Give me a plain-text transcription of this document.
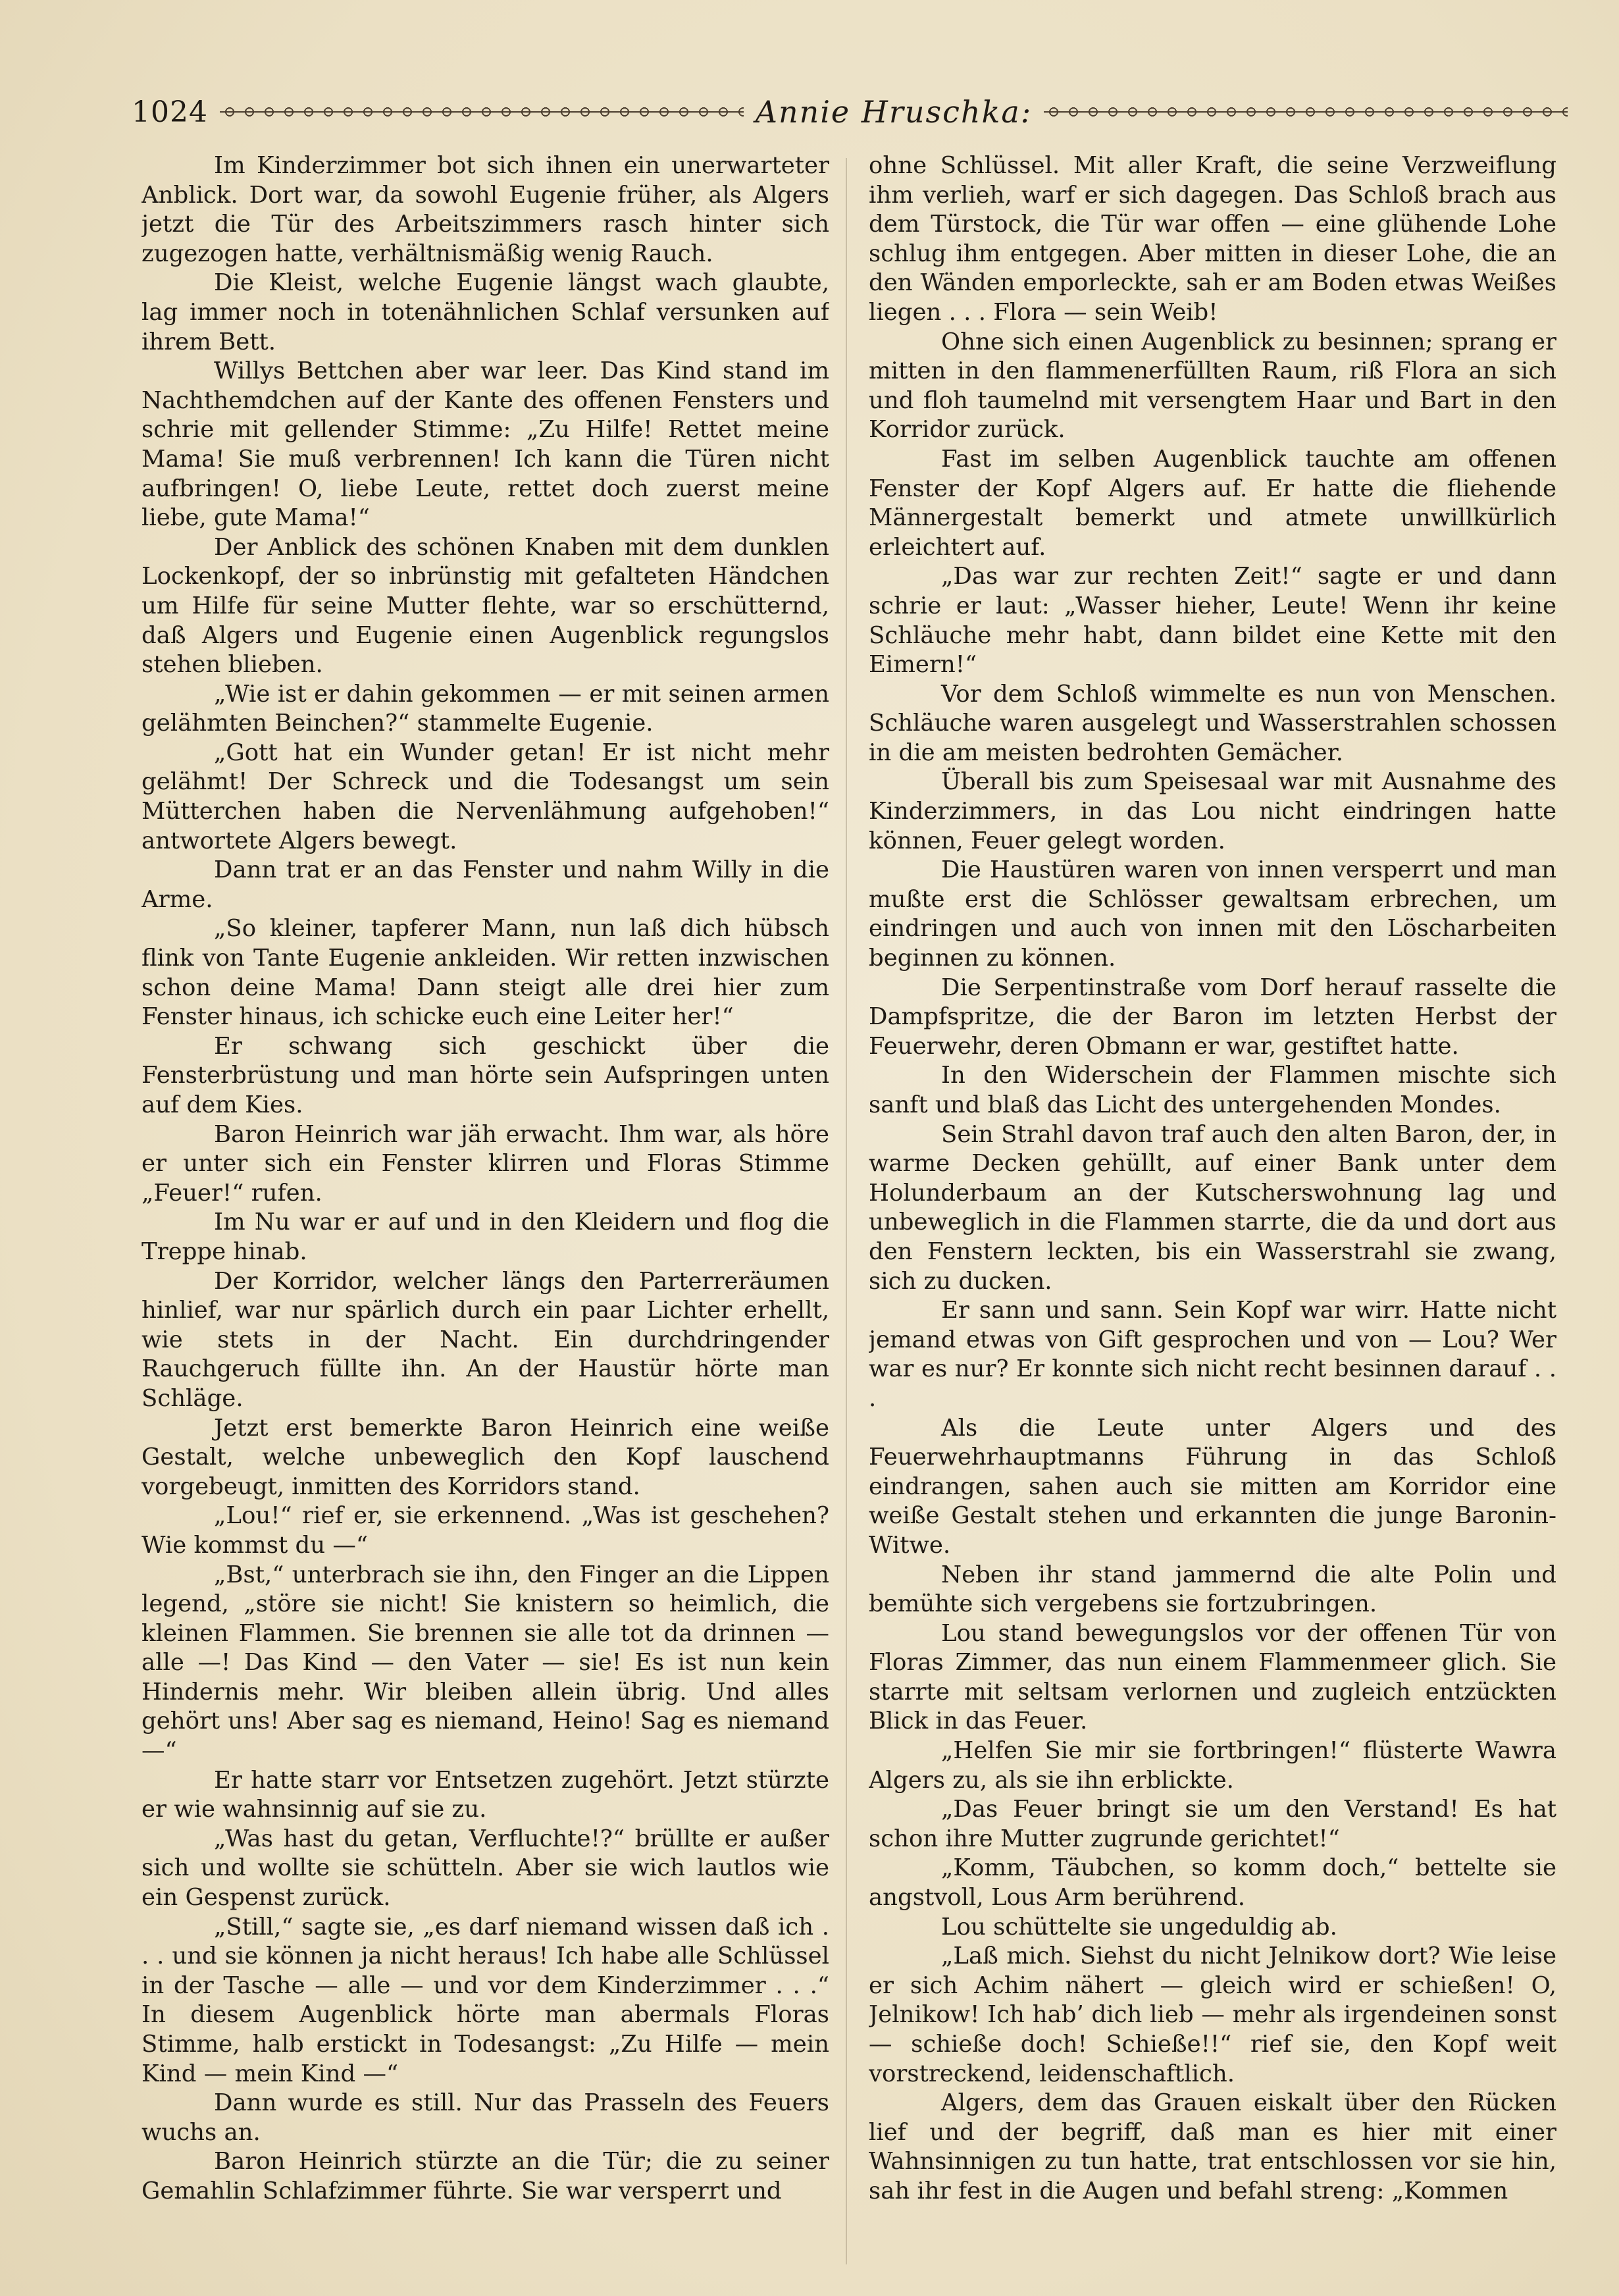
1024	Annie Hruschka:

Im Kinderzimmer bot sich ihnen ein unerwarteter Anblick. Dort war, da sowohl Eugenie früher, als Algers jetzt die Tür des Arbeitszimmers rasch hinter sich zugezogen hatte, verhältnismäßig wenig Rauch.

Die Kleist, welche Eugenie längst wach glaubte, lag immer noch in totenähnlichen Schlaf versunken auf ihrem Bett.

Willys Bettchen aber war leer. Das Kind stand im Nachthemdchen auf der Kante des offenen Fensters und schrie mit gellender Stimme: „Zu Hilfe! Rettet meine Mama! Sie muß verbrennen! Ich kann die Türen nicht aufbringen! O, liebe Leute, rettet doch zuerst meine liebe, gute Mama!“

Der Anblick des schönen Knaben mit dem dunklen Lockenkopf, der so inbrünstig mit gefalteten Händchen um Hilfe für seine Mutter flehte, war so erschütternd, daß Algers und Eugenie einen Augenblick regungslos stehen blieben.

„Wie ist er dahin gekommen — er mit seinen armen gelähmten Beinchen?“ stammelte Eugenie.

„Gott hat ein Wunder getan! Er ist nicht mehr gelähmt! Der Schreck und die Todesangst um sein Mütterchen haben die Nervenlähmung aufgehoben!“ antwortete Algers bewegt.

Dann trat er an das Fenster und nahm Willy in die Arme.

„So kleiner, tapferer Mann, nun laß dich hübsch flink von Tante Eugenie ankleiden. Wir retten inzwischen schon deine Mama! Dann steigt alle drei hier zum Fenster hinaus, ich schicke euch eine Leiter her!“

Er schwang sich geschickt über die Fensterbrüstung und man hörte sein Aufspringen unten auf dem Kies.

Baron Heinrich war jäh erwacht. Ihm war, als höre er unter sich ein Fenster klirren und Floras Stimme „Feuer!“ rufen.

Im Nu war er auf und in den Kleidern und flog die Treppe hinab.

Der Korridor, welcher längs den Parterreräumen hinlief, war nur spärlich durch ein paar Lichter erhellt, wie stets in der Nacht. Ein durchdringender Rauchgeruch füllte ihn. An der Haustür hörte man Schläge.

Jetzt erst bemerkte Baron Heinrich eine weiße Gestalt, welche unbeweglich den Kopf lauschend vorgebeugt, inmitten des Korridors stand.

„Lou!“ rief er, sie erkennend. „Was ist geschehen? Wie kommst du —“

„Bst,“ unterbrach sie ihn, den Finger an die Lippen legend, „störe sie nicht! Sie knistern so heimlich, die kleinen Flammen. Sie brennen sie alle tot da drinnen — alle —! Das Kind — den Vater — sie! Es ist nun kein Hindernis mehr. Wir bleiben allein übrig. Und alles gehört uns! Aber sag es niemand, Heino! Sag es niemand —“

Er hatte starr vor Entsetzen zugehört. Jetzt stürzte er wie wahnsinnig auf sie zu.

„Was hast du getan, Verfluchte!?“ brüllte er außer sich und wollte sie schütteln. Aber sie wich lautlos wie ein Gespenst zurück.

„Still,“ sagte sie, „es darf niemand wissen daß ich . . . und sie können ja nicht heraus! Ich habe alle Schlüssel in der Tasche — alle — und vor dem Kinderzimmer . . .“ In diesem Augenblick hörte man abermals Floras Stimme, halb erstickt in Todesangst: „Zu Hilfe — mein Kind — mein Kind —“

Dann wurde es still. Nur das Prasseln des Feuers wuchs an.

Baron Heinrich stürzte an die Tür; die zu seiner Gemahlin Schlafzimmer führte. Sie war versperrt und

ohne Schlüssel. Mit aller Kraft, die seine Verzweiflung ihm verlieh, warf er sich dagegen. Das Schloß brach aus dem Türstock, die Tür war offen — eine glühende Lohe schlug ihm entgegen. Aber mitten in dieser Lohe, die an den Wänden emporleckte, sah er am Boden etwas Weißes liegen . . . Flora — sein Weib!

Ohne sich einen Augenblick zu besinnen; sprang er mitten in den flammenerfüllten Raum, riß Flora an sich und floh taumelnd mit versengtem Haar und Bart in den Korridor zurück.

Fast im selben Augenblick tauchte am offenen Fenster der Kopf Algers auf. Er hatte die fliehende Männergestalt bemerkt und atmete unwillkürlich erleichtert auf.

„Das war zur rechten Zeit!“ sagte er und dann schrie er laut: „Wasser hieher, Leute! Wenn ihr keine Schläuche mehr habt, dann bildet eine Kette mit den Eimern!“

Vor dem Schloß wimmelte es nun von Menschen. Schläuche waren ausgelegt und Wasserstrahlen schossen in die am meisten bedrohten Gemächer.

Überall bis zum Speisesaal war mit Ausnahme des Kinderzimmers, in das Lou nicht eindringen hatte können, Feuer gelegt worden.

Die Haustüren waren von innen versperrt und man mußte erst die Schlösser gewaltsam erbrechen, um eindringen und auch von innen mit den Löscharbeiten beginnen zu können.

Die Serpentinstraße vom Dorf herauf rasselte die Dampfspritze, die der Baron im letzten Herbst der Feuerwehr, deren Obmann er war, gestiftet hatte.

In den Widerschein der Flammen mischte sich sanft und blaß das Licht des untergehenden Mondes.

Sein Strahl davon traf auch den alten Baron, der, in warme Decken gehüllt, auf einer Bank unter dem Holunderbaum an der Kutscherswohnung lag und unbeweglich in die Flammen starrte, die da und dort aus den Fenstern leckten, bis ein Wasserstrahl sie zwang, sich zu ducken.

Er sann und sann. Sein Kopf war wirr. Hatte nicht jemand etwas von Gift gesprochen und von — Lou? Wer war es nur? Er konnte sich nicht recht besinnen darauf . . .

Als die Leute unter Algers und des Feuerwehrhauptmanns Führung in das Schloß eindrangen, sahen auch sie mitten am Korridor eine weiße Gestalt stehen und erkannten die junge Baronin-Witwe.

Neben ihr stand jammernd die alte Polin und bemühte sich vergebens sie fortzubringen.

Lou stand bewegungslos vor der offenen Tür von Floras Zimmer, das nun einem Flammenmeer glich. Sie starrte mit seltsam verlornen und zugleich entzückten Blick in das Feuer.

„Helfen Sie mir sie fortbringen!“ flüsterte Wawra Algers zu, als sie ihn erblickte.

„Das Feuer bringt sie um den Verstand! Es hat schon ihre Mutter zugrunde gerichtet!“

„Komm, Täubchen, so komm doch,“ bettelte sie angstvoll, Lous Arm berührend.

Lou schüttelte sie ungeduldig ab.

„Laß mich. Siehst du nicht Jelnikow dort? Wie leise er sich Achim nähert — gleich wird er schießen! O, Jelnikow! Ich hab’ dich lieb — mehr als irgendeinen sonst — schieße doch! Schieße!!“ rief sie, den Kopf weit vorstreckend, leidenschaftlich.

Algers, dem das Grauen eiskalt über den Rücken lief und der begriff, daß man es hier mit einer Wahnsinnigen zu tun hatte, trat entschlossen vor sie hin, sah ihr fest in die Augen und befahl streng: „Kommen
